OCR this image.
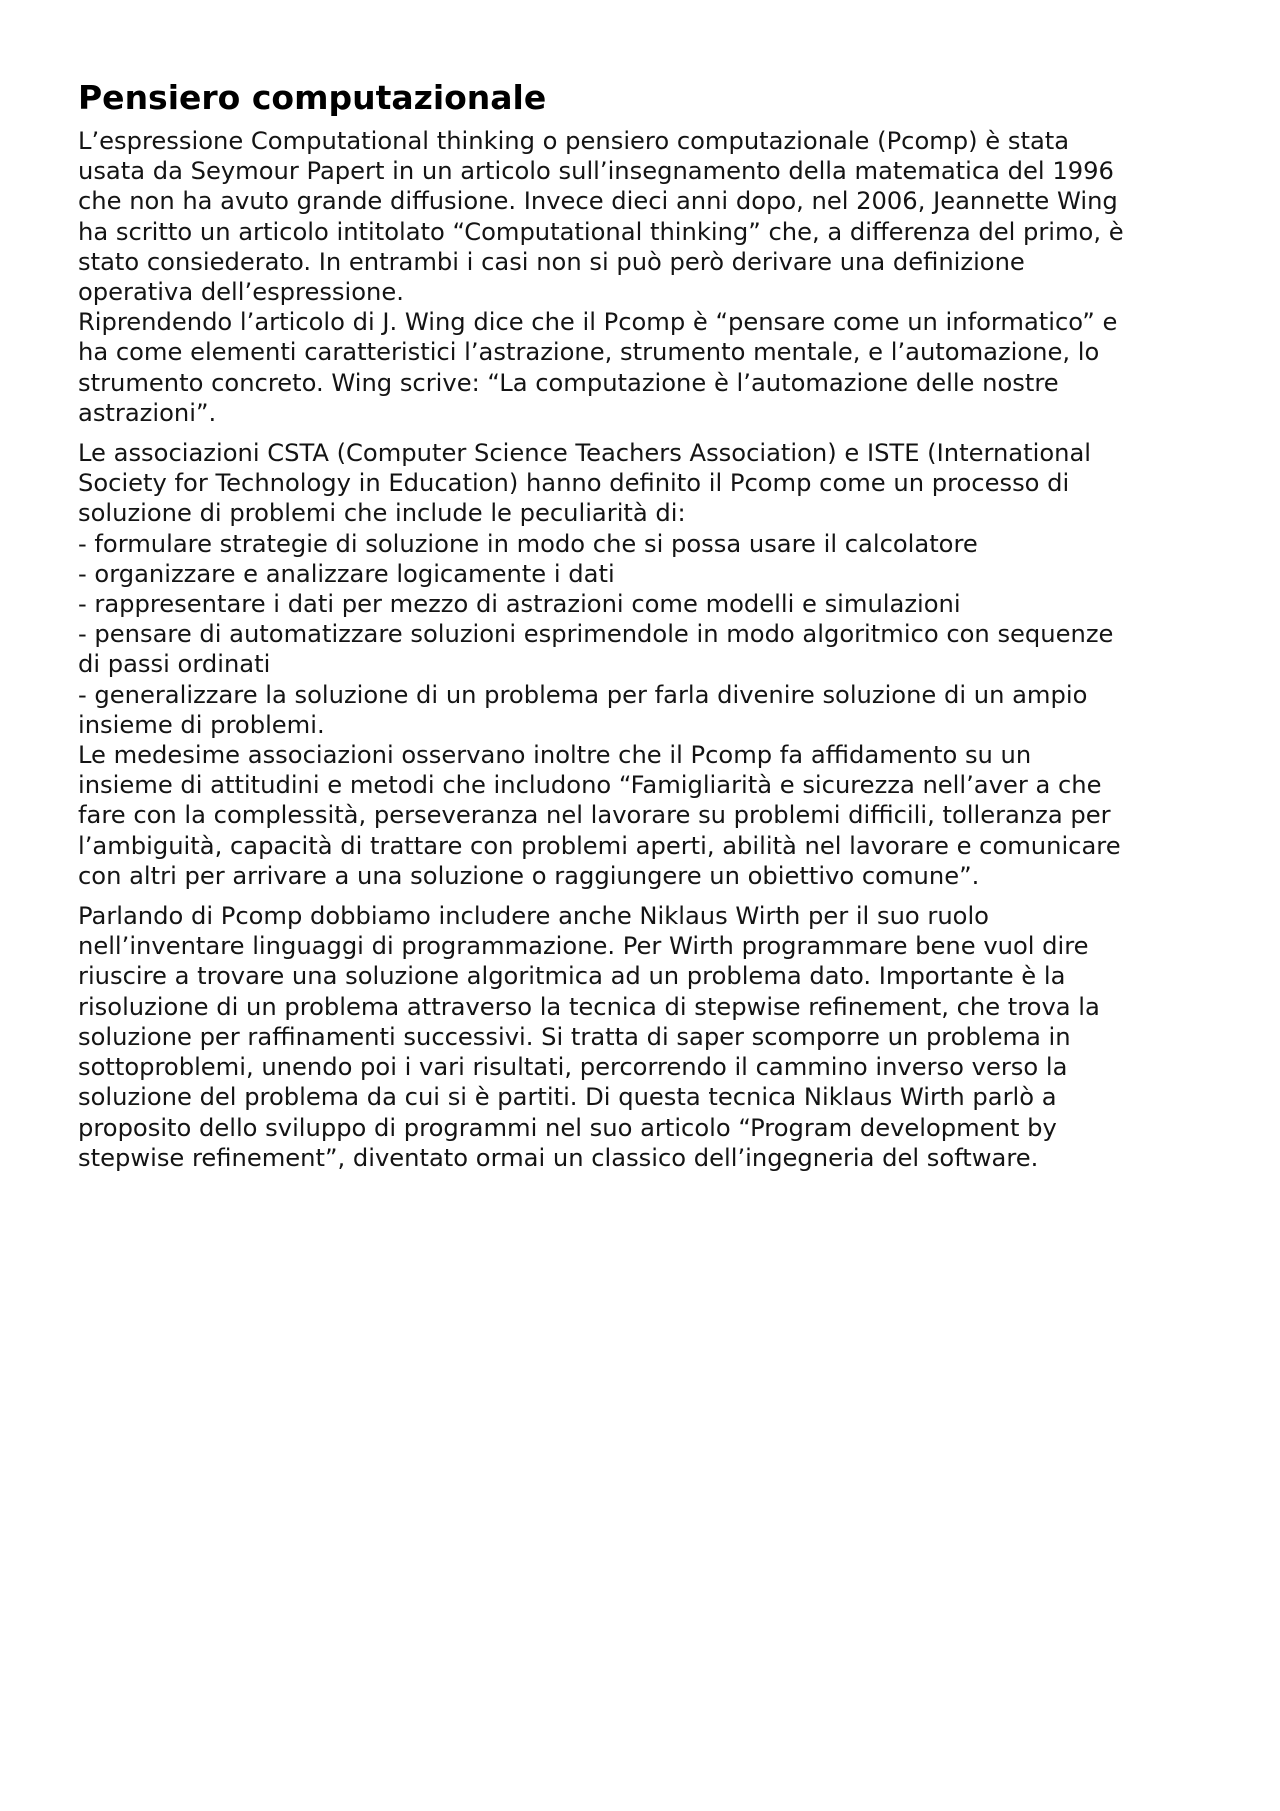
Pensiero computazionale

L’espressione Computational thinking o pensiero computazionale (Pcomp) è stata
usata da Seymour Papert in un articolo sull’insegnamento della matematica del 1996
che non ha avuto grande diffusione. Invece dieci anni dopo, nel 2006, Jeannette Wing
ha scritto un articolo intitolato “Computational thinking” che, a differenza del primo, è
stato consiederato. In entrambi i casi non si può però derivare una definizione
operativa dell’espressione.

Riprendendo l’articolo di J. Wing dice che il Pcomp è “pensare come un informatico” e
ha come elementi caratteristici l’astrazione, strumento mentale, e l’automazione, lo
strumento concreto. Wing scrive: “La computazione è l’automazione delle nostre
astrazioni”.

Le associazioni CSTA (Computer Science Teachers Association) e ISTE (International
Society for Technology in Education) hanno definito il Pcomp come un processo di
soluzione di problemi che include le peculiarità di:
- formulare strategie di soluzione in modo che si possa usare il calcolatore
- organizzare e analizzare logicamente i dati
- rappresentare i dati per mezzo di astrazioni come modelli e simulazioni
- pensare di automatizzare soluzioni esprimendole in modo algoritmico con sequenze
di passi ordinati
- generalizzare la soluzione di un problema per farla divenire soluzione di un ampio
insieme di problemi.

Le medesime associazioni osservano inoltre che il Pcomp fa affidamento su un
insieme di attitudini e metodi che includono “Famigliarità e sicurezza nell’aver a che
fare con la complessità, perseveranza nel lavorare su problemi difficili, tolleranza per
l’ambiguità, capacità di trattare con problemi aperti, abilità nel lavorare e comunicare
con altri per arrivare a una soluzione o raggiungere un obiettivo comune”.

Parlando di Pcomp dobbiamo includere anche Niklaus Wirth per il suo ruolo
nell’inventare linguaggi di programmazione. Per Wirth programmare bene vuol dire
riuscire a trovare una soluzione algoritmica ad un problema dato. Importante è la
risoluzione di un problema attraverso la tecnica di stepwise refinement, che trova la
soluzione per raffinamenti successivi. Si tratta di saper scomporre un problema in
sottoproblemi, unendo poi i vari risultati, percorrendo il cammino inverso verso la
soluzione del problema da cui si è partiti. Di questa tecnica Niklaus Wirth parlò a
proposito dello sviluppo di programmi nel suo articolo “Program development by
stepwise refinement”, diventato ormai un classico dell’ingegneria del software.
